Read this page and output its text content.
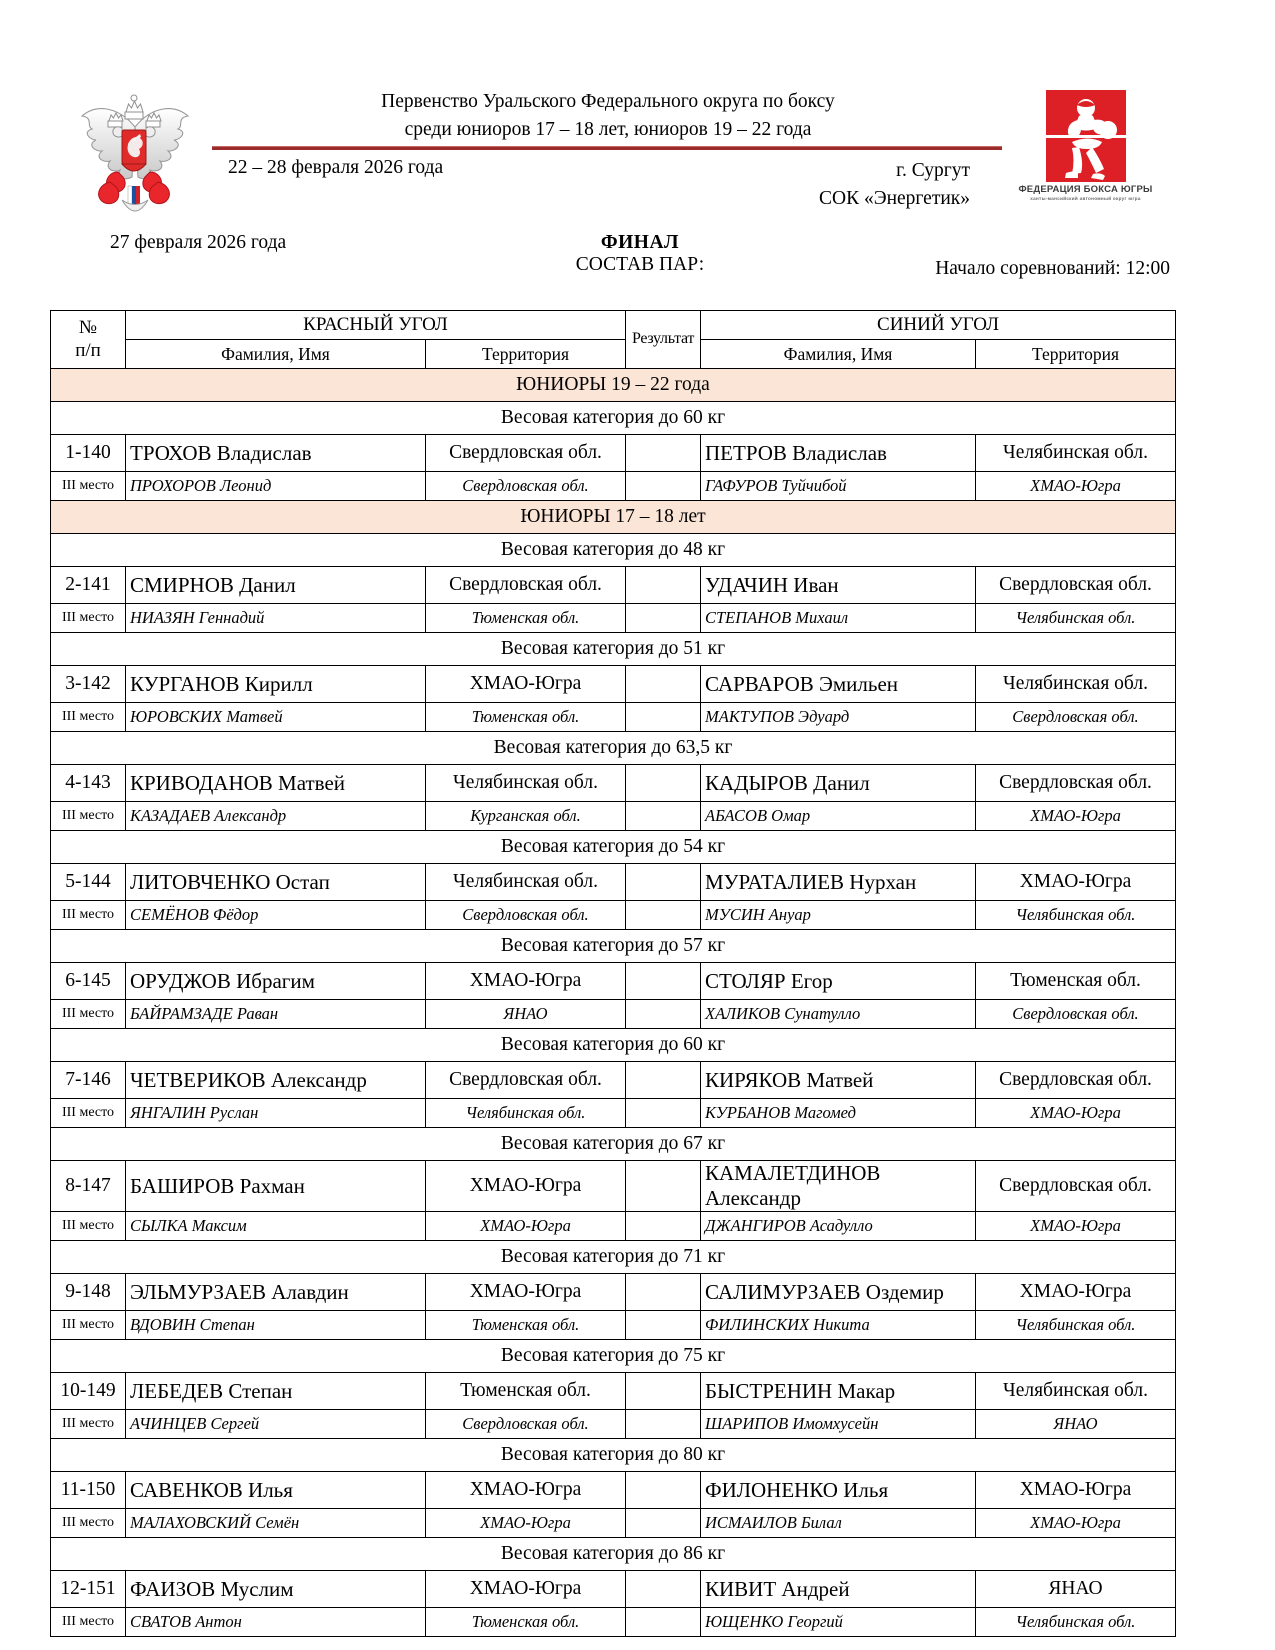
Первенство Уральского Федерального округа по боксу
среди юниоров 17 – 18 лет, юниоров 19 – 22 года
22 – 28 февраля 2026 года	г. Сургут
СОК «Энергетик»	ФЕДЕРАЦИЯ БОКСА ЮГРЫ
ханты-мансийский автономный округ югра
27 февраля 2026 года	ФИНАЛ
СОСТАВ ПАР:	Начало соревнований: 12:00
№
п/п	КРАСНЫЙ УГОЛ		Результат	СИНИЙ УГОЛ	
	Фамилия, Имя	Территория		Фамилия, Имя	Территория
ЮНИОРЫ 19 – 22 года					
Весовая категория до 60 кг					
1-140	ТРОХОВ Владислав	Свердловская обл.		ПЕТРОВ Владислав	Челябинская обл.
III место	ПРОХОРОВ Леонид	Свердловская обл.		ГАФУРОВ Туйчибой	ХМАО-Югра
ЮНИОРЫ 17 – 18 лет					
Весовая категория до 48 кг					
2-141	СМИРНОВ Данил	Свердловская обл.		УДАЧИН Иван	Свердловская обл.
III место	НИАЗЯН Геннадий	Тюменская обл.		СТЕПАНОВ Михаил	Челябинская обл.
Весовая категория до 51 кг					
3-142	КУРГАНОВ Кирилл	ХМАО-Югра		САРВАРОВ Эмильен	Челябинская обл.
III место	ЮРОВСКИХ Матвей	Тюменская обл.		МАКТУПОВ Эдуард	Свердловская обл.
Весовая категория до 63,5 кг					
4-143	КРИВОДАНОВ Матвей	Челябинская обл.		КАДЫРОВ Данил	Свердловская обл.
III место	КАЗАДАЕВ Александр	Курганская обл.		АБАСОВ Омар	ХМАО-Югра
Весовая категория до 54 кг					
5-144	ЛИТОВЧЕНКО Остап	Челябинская обл.		МУРАТАЛИЕВ Нурхан	ХМАО-Югра
III место	СЕМЁНОВ Фёдор	Свердловская обл.		МУСИН Ануар	Челябинская обл.
Весовая категория до 57 кг					
6-145	ОРУДЖОВ Ибрагим	ХМАО-Югра		СТОЛЯР Егор	Тюменская обл.
III место	БАЙРАМЗАДЕ Раван	ЯНАО		ХАЛИКОВ Сунатулло	Свердловская обл.
Весовая категория до 60 кг					
7-146	ЧЕТВЕРИКОВ Александр	Свердловская обл.		КИРЯКОВ Матвей	Свердловская обл.
III место	ЯНГАЛИН Руслан	Челябинская обл.		КУРБАНОВ Магомед	ХМАО-Югра
Весовая категория до 67 кг					
8-147	БАШИРОВ Рахман	ХМАО-Югра		КАМАЛЕТДИНОВ Александр	Свердловская обл.
III место	СЫЛКА Максим	ХМАО-Югра		ДЖАНГИРОВ Асадулло	ХМАО-Югра
Весовая категория до 71 кг					
9-148	ЭЛЬМУРЗАЕВ Алавдин	ХМАО-Югра		САЛИМУРЗАЕВ Оздемир	ХМАО-Югра
III место	ВДОВИН Степан	Тюменская обл.		ФИЛИНСКИХ Никита	Челябинская обл.
Весовая категория до 75 кг					
10-149	ЛЕБЕДЕВ Степан	Тюменская обл.		БЫСТРЕНИН Макар	Челябинская обл.
III место	АЧИНЦЕВ Сергей	Свердловская обл.		ШАРИПОВ Имомхусейн	ЯНАО
Весовая категория до 80 кг					
11-150	САВЕНКОВ Илья	ХМАО-Югра		ФИЛОНЕНКО Илья	ХМАО-Югра
III место	МАЛАХОВСКИЙ Семён	ХМАО-Югра		ИСМАИЛОВ Билал	ХМАО-Югра
Весовая категория до 86 кг					
12-151	ФАИЗОВ Муслим	ХМАО-Югра		КИВИТ Андрей	ЯНАО
III место	СВАТОВ Антон	Тюменская обл.		ЮЩЕНКО Георгий	Челябинская обл.
